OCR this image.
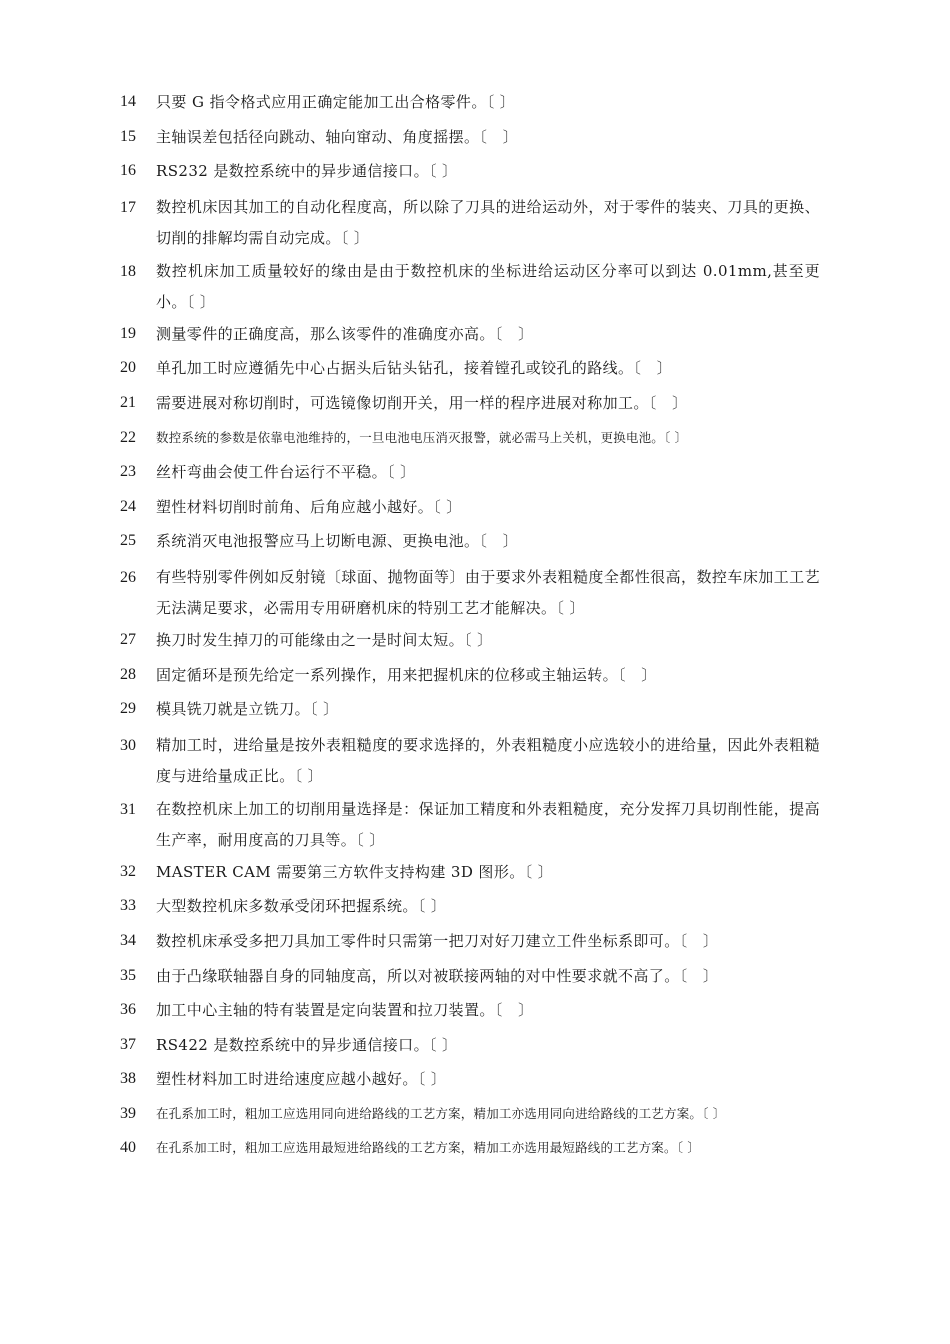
14 只要 G 指令格式应用正确定能加工出合格零件。〔 〕
15 主轴误差包括径向跳动、轴向窜动、角度摇摆。〔　〕
16 RS232 是数控系统中的异步通信接口。〔 〕
17 数控机床因其加工的自动化程度高，所以除了刀具的进给运动外，对于零件的装夹、刀具的更换、切削的排解均需自动完成。〔 〕
18 数控机床加工质量较好的缘由是由于数控机床的坐标进给运动区分率可以到达 0.01mm,甚至更小。〔 〕
19 测量零件的正确度高，那么该零件的准确度亦高。〔　〕
20 单孔加工时应遵循先中心占据头后钻头钻孔，接着镗孔或铰孔的路线。〔　〕
21 需要进展对称切削时，可选镜像切削开关，用一样的程序进展对称加工。〔　〕
22	数控系统的参数是依靠电池维持的，一旦电池电压消灭报警，就必需马上关机，更换电池。〔 〕
23 丝杆弯曲会使工件台运行不平稳。〔 〕
24 塑性材料切削时前角、后角应越小越好。〔 〕
25 系统消灭电池报警应马上切断电源、更换电池。〔　〕
26 有些特别零件例如反射镜〔球面、抛物面等〕由于要求外表粗糙度全都性很高，数控车床加工工艺无法满足要求，必需用专用研磨机床的特别工艺才能解决。〔 〕
27 换刀时发生掉刀的可能缘由之一是时间太短。〔 〕
28 固定循环是预先给定一系列操作，用来把握机床的位移或主轴运转。〔　〕
29 模具铣刀就是立铣刀。〔 〕
30 精加工时，进给量是按外表粗糙度的要求选择的，外表粗糙度小应选较小的进给量，因此外表粗糙度与进给量成正比。〔 〕
31 在数控机床上加工的切削用量选择是：保证加工精度和外表粗糙度，充分发挥刀具切削性能，提高生产率，耐用度高的刀具等。〔 〕
32 MASTER CAM 需要第三方软件支持构建 3D 图形。〔 〕
33 大型数控机床多数承受闭环把握系统。〔 〕
34 数控机床承受多把刀具加工零件时只需第一把刀对好刀建立工件坐标系即可。〔　〕
35 由于凸缘联轴器自身的同轴度高，所以对被联接两轴的对中性要求就不高了。〔　〕
36 加工中心主轴的特有装置是定向装置和拉刀装置。〔　〕
37 RS422 是数控系统中的异步通信接口。〔 〕
38 塑性材料加工时进给速度应越小越好。〔 〕
39	在孔系加工时，粗加工应选用同向进给路线的工艺方案，精加工亦选用同向进给路线的工艺方案。〔 〕
40	在孔系加工时，粗加工应选用最短进给路线的工艺方案，精加工亦选用最短路线的工艺方案。〔 〕
